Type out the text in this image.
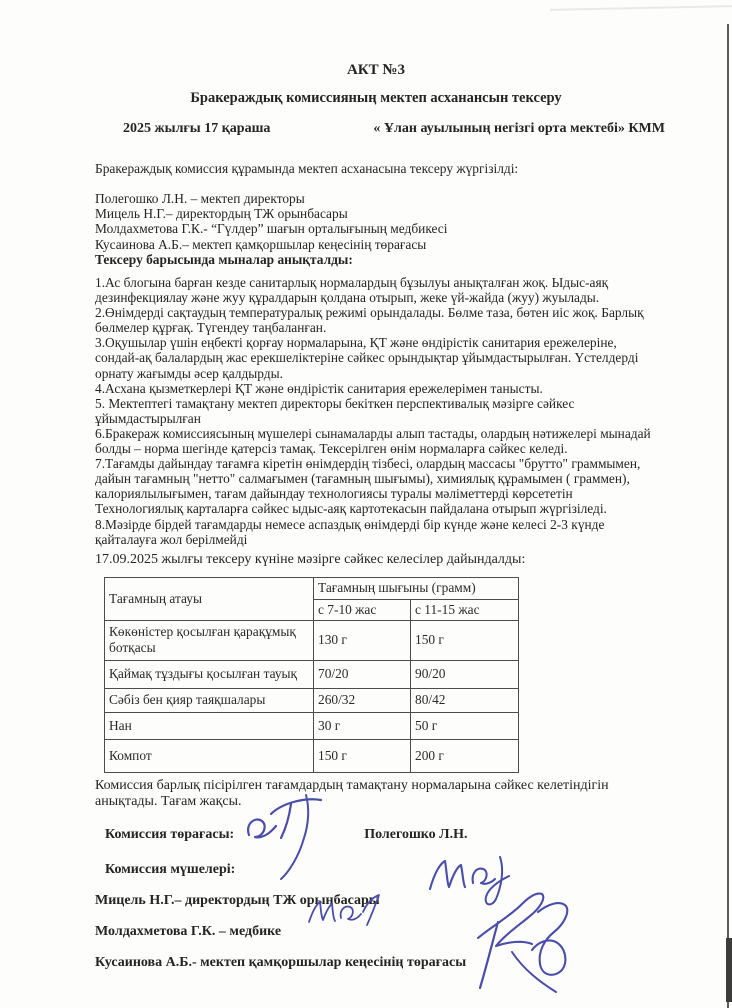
АКТ №3
Бракераждық комиссияның мектеп асханансын тексеру
2025 жылғы 17 қараша	« Ұлан ауылының негізгі орта мектебі» КММ
Бракераждық комиссия құрамында мектеп асханасына тексеру жүргізілді:
Полегошко Л.Н. – мектеп директоры
Мицель Н.Г.– директордың ТЖ орынбасары
Молдахметова Г.К.- “Гүлдер” шағын орталығының медбикесі
Кусаинова А.Б.– мектеп қамқоршылар кеңесінің төрағасы
Тексеру барысында мыналар анықталды:

1.Ас блогына барған кезде санитарлық нормалардың бұзылуы анықталған жоқ. Ыдыс-аяқ дезинфекциялау және жуу құралдарын қолдана отырып, жеке үй-жайда (жуу) жуылады.

2.Өнімдерді сақтаудың температуралық режимі орындалады. Бөлме таза, бөтен иіс жоқ. Барлық бөлмелер құрғақ. Түгендеу таңбаланған.

3.Оқушылар үшін еңбекті қорғау нормаларына, ҚТ және өндірістік санитария ережелеріне, сондай-ақ балалардың жас ерекшеліктеріне сәйкес орындықтар ұйымдастырылған. Үстелдерді орнату жағымды әсер қалдырды.

4.Асхана қызметкерлері ҚТ және өндірістік санитария ережелерімен танысты.

5. Мектептегі тамақтану мектеп директоры бекіткен перспективалық мәзірге сәйкес ұйымдастырылған

6.Бракераж комиссиясының мүшелері сынамаларды алып тастады, олардың нәтижелері мынадай болды – норма шегінде қатерсіз тамақ. Тексерілген өнім нормаларға сәйкес келеді.

7.Тағамды дайындау тағамға кіретін өнімдердің тізбесі, олардың массасы "брутто" граммымен, дайын тағамның "нетто" салмағымен (тағамның шығымы), химиялық құрамымен ( граммен), калориялылығымен, тағам дайындау технологиясы туралы мәліметтерді көрсететін Технологиялық карталарға сәйкес ыдыс-аяқ картотекасын пайдалана отырып жүргізіледі.

8.Мәзірде бірдей тағамдарды немесе аспаздық өнімдерді бір күнде және келесі 2-3 күнде қайталауға жол берілмейді

17.09.2025 жылғы тексеру күніне мәзірге сәйкес келесілер дайындалды:
Тағамның атауы	Тағамның шығыны (грамм)	
	с 7-10 жас	с 11-15 жас
Көкөністер қосылған қарақұмық ботқасы	130 г	150 г
Қаймақ тұздығы қосылған тауық	70/20	90/20
Сәбіз бен қияр таяқшалары	260/32	80/42
Нан	30 г	50 г
Компот	150 г	200 г
Комиссия барлық пісірілген тағамдардың тамақтану нормаларына сәйкес келетіндігін анықтады. Тағам жақсы.
Комиссия төрағасы:	Полегошко Л.Н.
Комиссия мүшелері:
Мицель Н.Г.– директордың ТЖ орынбасары
Молдахметова Г.К. – медбике
Кусаинова А.Б.- мектеп қамқоршылар кеңесінің төрағасы
